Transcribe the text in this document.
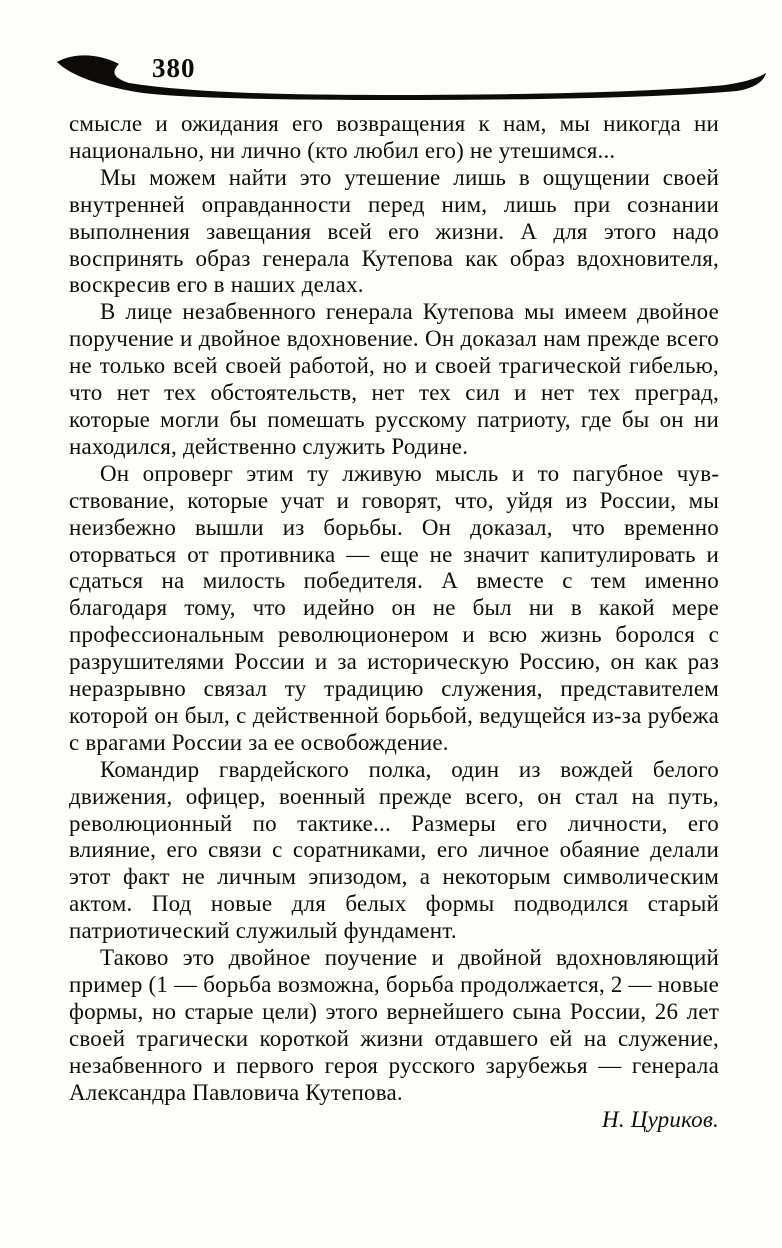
380

смысле и ожидания его возвращения к нам, мы никогда ни национально, ни лично (кто любил его) не утешимся...

Мы можем найти это утешение лишь в ощущении своей внутренней оправданности перед ним, лишь при сознании выполнения завещания всей его жизни. А для этого надо воспринять образ генерала Кутепова как образ вдохновителя, воскресив его в наших делах.

В лице незабвенного генерала Кутепова мы имеем двойное поручение и двойное вдохновение. Он доказал нам прежде всего не только всей своей работой, но и своей трагической гибелью, что нет тех обстоятельств, нет тех сил и нет тех преград, которые могли бы помешать русскому патриоту, где бы он ни находился, действенно служить Родине.

Он опроверг этим ту лживую мысль и то пагубное чувствование, которые учат и говорят, что, уйдя из России, мы неизбежно вышли из борьбы. Он доказал, что временно оторваться от противника — еще не значит капитулировать и сдаться на милость победителя. А вместе с тем именно благодаря тому, что идейно он не был ни в какой мере профессиональным революционером и всю жизнь боролся с разрушителями России и за историческую Россию, он как раз неразрывно связал ту традицию служения, представителем которой он был, с действенной борьбой, ведущейся из-за рубежа с врагами России за ее освобождение.

Командир гвардейского полка, один из вождей белого движения, офицер, военный прежде всего, он стал на путь, революционный по тактике... Размеры его личности, его влияние, его связи с соратниками, его личное обаяние делали этот факт не личным эпизодом, а некоторым символическим актом. Под новые для белых формы подводился старый патриотический служилый фундамент.

Таково это двойное поучение и двойной вдохновляющий пример (1 — борьба возможна, борьба продолжается, 2 — новые формы, но старые цели) этого вернейшего сына России, 26 лет своей трагически короткой жизни отдавшего ей на служение, незабвенного и первого героя русского зарубежья — генерала Александра Павловича Кутепова.

Н. Цуриков.
